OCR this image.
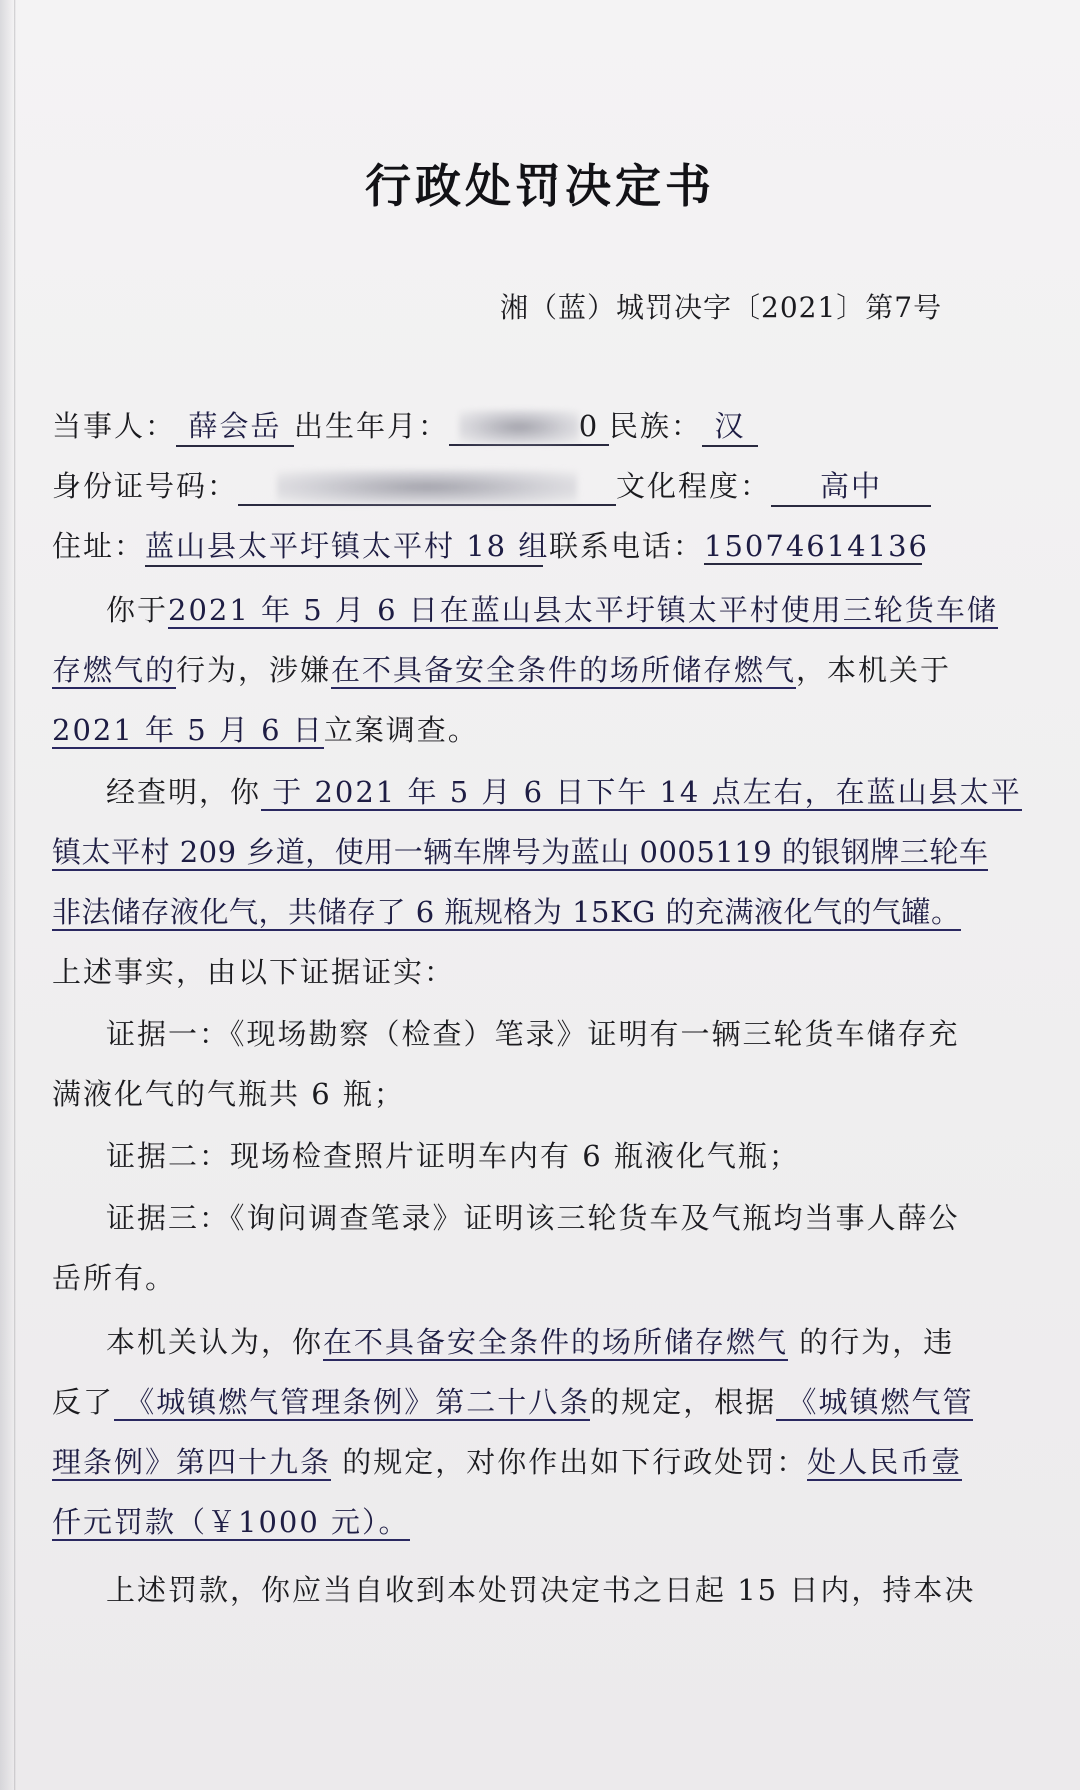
行政处罚决定书
湘（蓝）城罚决字〔2021〕第7号
当事人： 薛会岳 出生年月：	0 民族： 汉
身份证号码：	文化程度： 高中
住址：蓝山县太平圩镇太平村 18 组联系电话：15074614136
你于2021 年 5 月 6 日在蓝山县太平圩镇太平村使用三轮货车储
存燃气的行为，涉嫌在不具备安全条件的场所储存燃气，本机关于
2021 年 5 月 6 日立案调查。
经查明，你 于 2021 年 5 月 6 日下午 14 点左右，在蓝山县太平
镇太平村 209 乡道，使用一辆车牌号为蓝山 0005119 的银钢牌三轮车
非法储存液化气，共储存了 6 瓶规格为 15KG 的充满液化气的气罐。
上述事实，由以下证据证实：
证据一：《现场勘察（检查）笔录》证明有一辆三轮货车储存充
满液化气的气瓶共 6 瓶；
证据二：现场检查照片证明车内有 6 瓶液化气瓶；
证据三：《询问调查笔录》证明该三轮货车及气瓶均当事人薛公
岳所有。
本机关认为，你在不具备安全条件的场所储存燃气 的行为，违
反了 《城镇燃气管理条例》第二十八条的规定，根据 《城镇燃气管
理条例》第四十九条 的规定，对你作出如下行政处罚：处人民币壹
仟元罚款（￥1000 元）。
上述罚款，你应当自收到本处罚决定书之日起 15 日内，持本决
